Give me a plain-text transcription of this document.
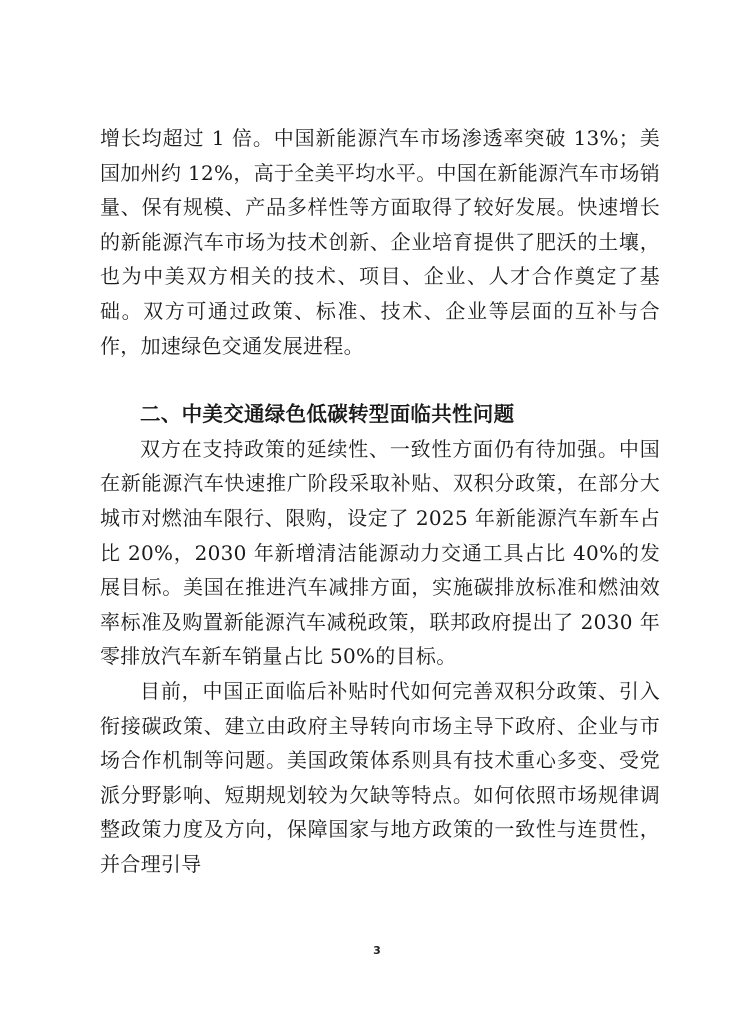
增长均超过 1 倍。中国新能源汽车市场渗透率突破 13%；美国加州约 12%，高于全美平均水平。中国在新能源汽车市场销量、保有规模、产品多样性等方面取得了较好发展。快速增长的新能源汽车市场为技术创新、企业培育提供了肥沃的土壤，也为中美双方相关的技术、项目、企业、人才合作奠定了基础。双方可通过政策、标准、技术、企业等层面的互补与合作，加速绿色交通发展进程。

二、中美交通绿色低碳转型面临共性问题

双方在支持政策的延续性、一致性方面仍有待加强。中国在新能源汽车快速推广阶段采取补贴、双积分政策，在部分大城市对燃油车限行、限购，设定了 2025 年新能源汽车新车占比 20%，2030 年新增清洁能源动力交通工具占比 40%的发展目标。美国在推进汽车减排方面，实施碳排放标准和燃油效率标准及购置新能源汽车减税政策，联邦政府提出了 2030 年零排放汽车新车销量占比 50%的目标。

目前，中国正面临后补贴时代如何完善双积分政策、引入衔接碳政策、建立由政府主导转向市场主导下政府、企业与市场合作机制等问题。美国政策体系则具有技术重心多变、受党派分野影响、短期规划较为欠缺等特点。如何依照市场规律调整政策力度及方向，保障国家与地方政策的一致性与连贯性，并合理引导

3
